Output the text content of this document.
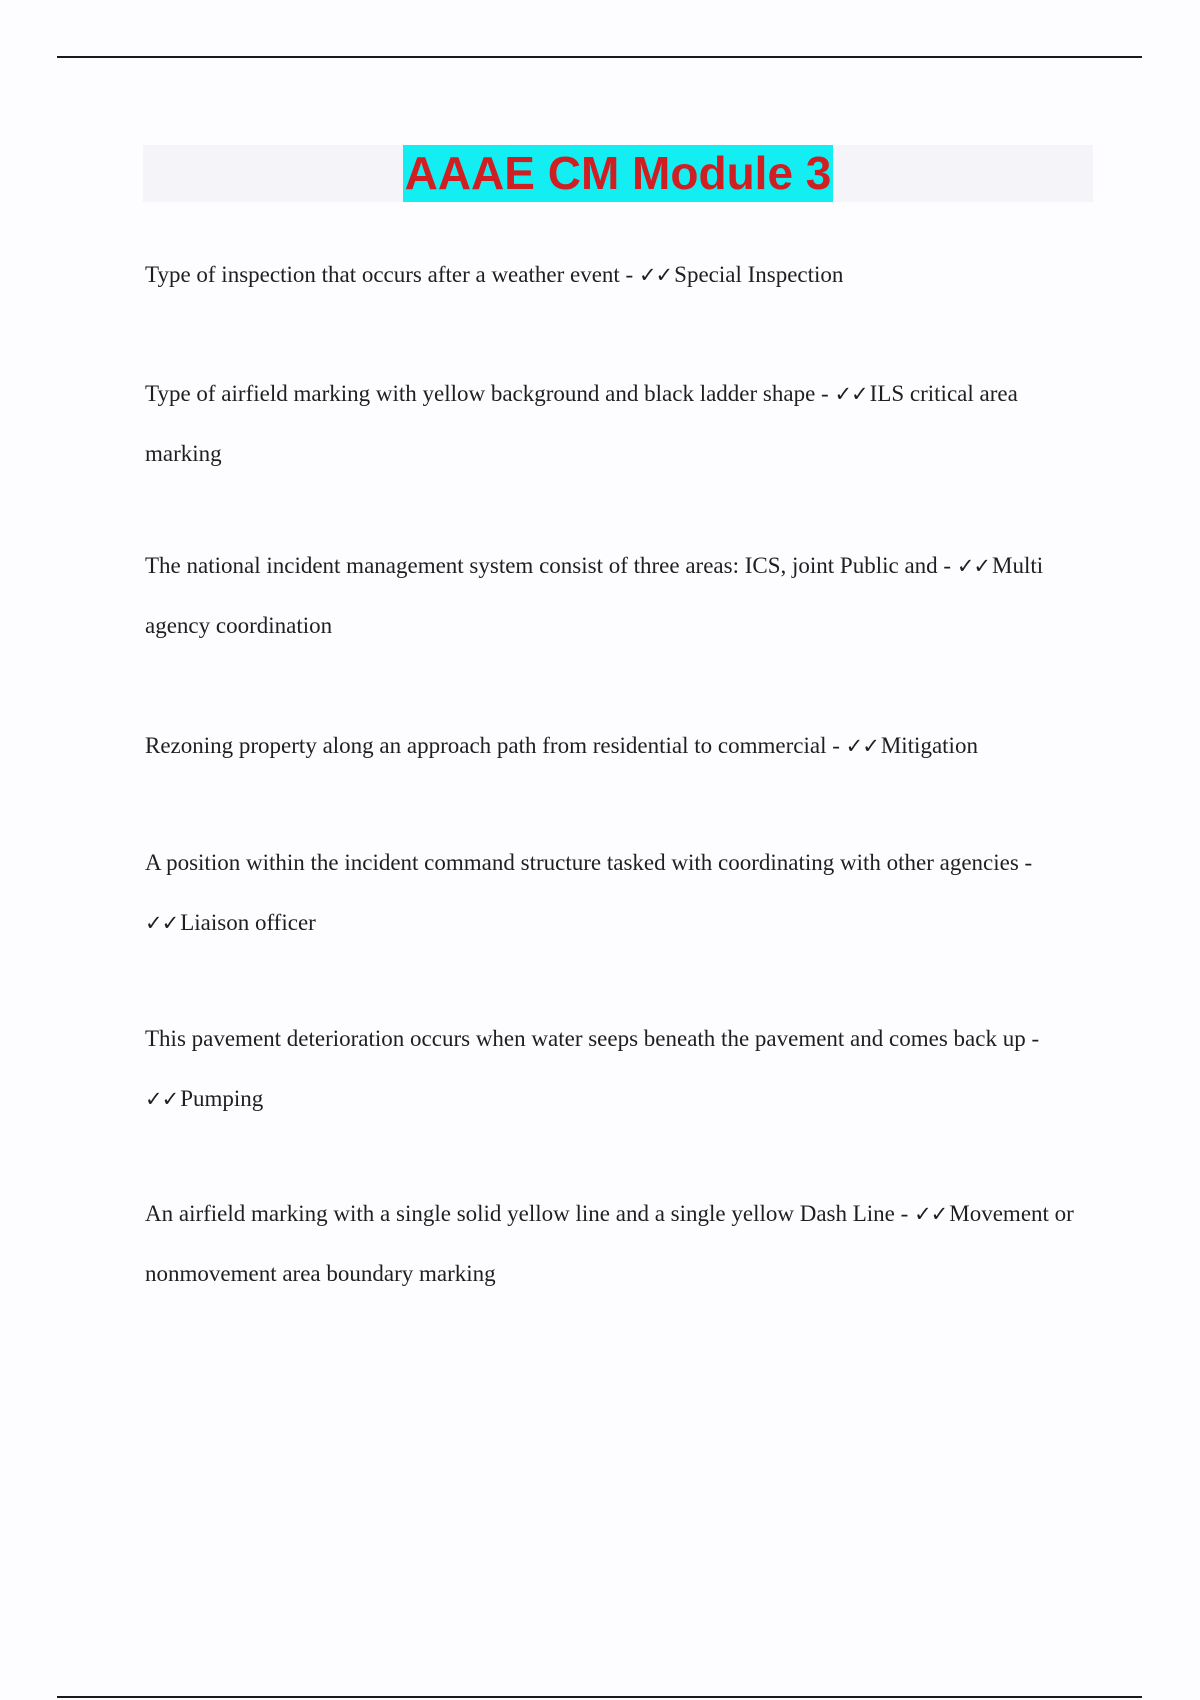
AAAE CM Module 3
Type of inspection that occurs after a weather event - ✓✓Special Inspection
Type of airfield marking with yellow background and black ladder shape - ✓✓ILS critical area marking
The national incident management system consist of three areas: ICS, joint Public and - ✓✓Multi agency coordination
Rezoning property along an approach path from residential to commercial - ✓✓Mitigation
A position within the incident command structure tasked with coordinating with other agencies - ✓✓Liaison officer
This pavement deterioration occurs when water seeps beneath the pavement and comes back up - ✓✓Pumping
An airfield marking with a single solid yellow line and a single yellow Dash Line - ✓✓Movement or nonmovement area boundary marking
